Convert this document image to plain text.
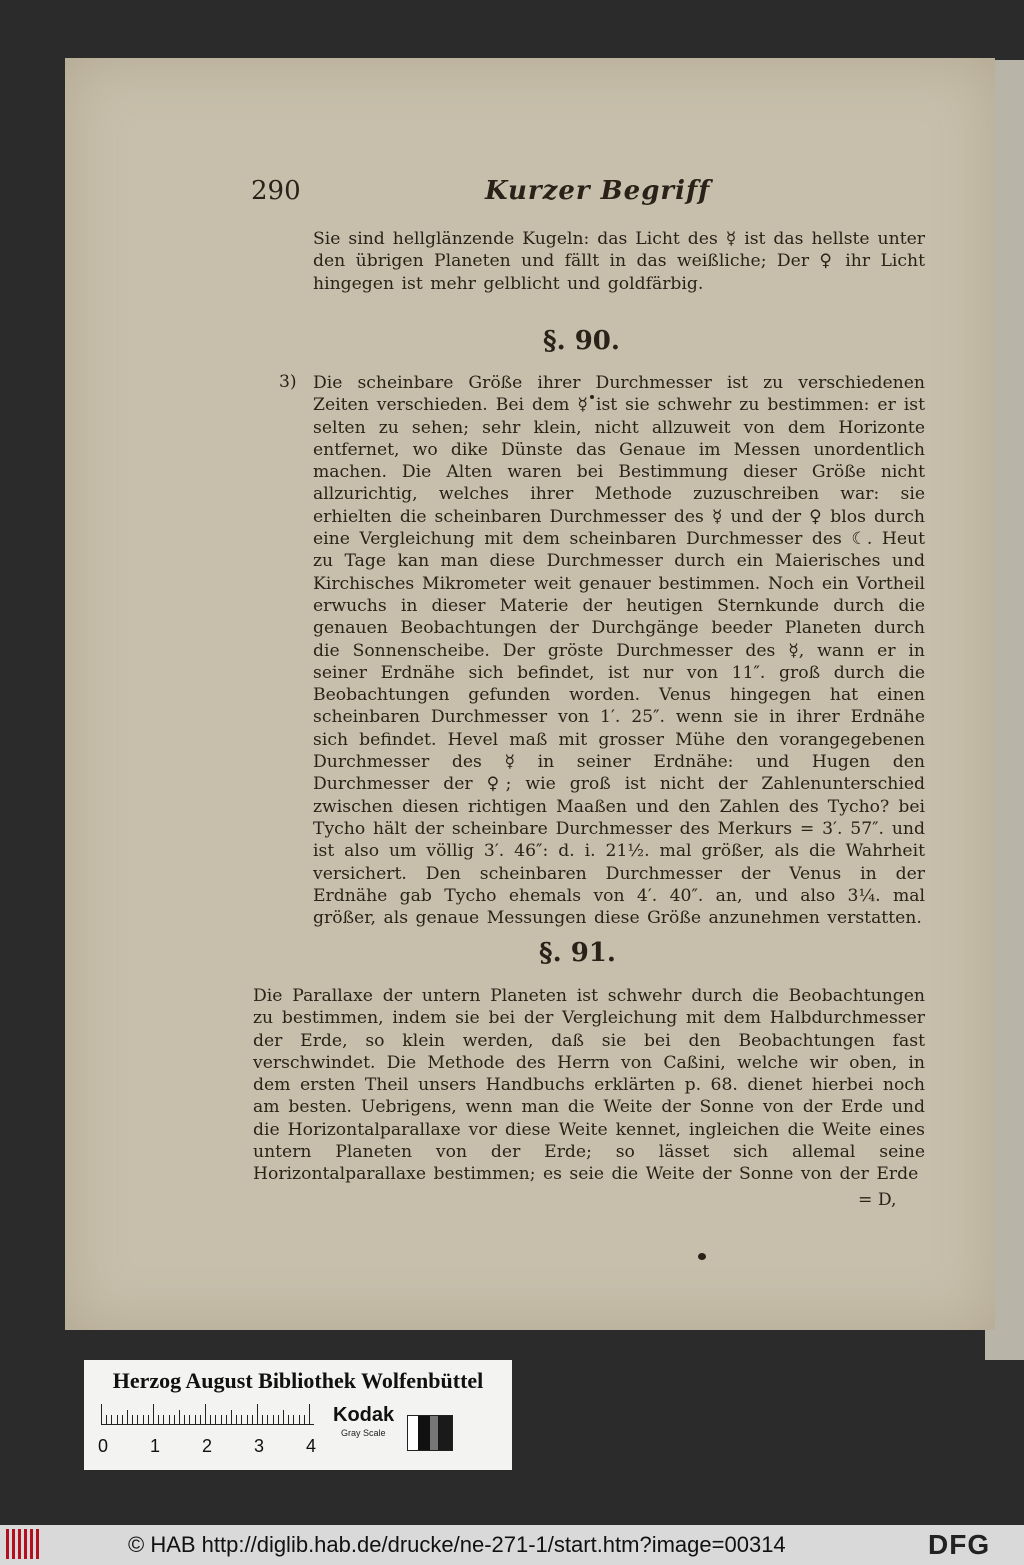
290	Kurzer Begriff
Sie sind hellglänzende Kugeln: das Licht des ☿ ist das hellste unter den übrigen Planeten und fällt in das weißliche; Der ♀ ihr Licht hingegen ist mehr gelblicht und goldfärbig.
§. 90.
3) Die scheinbare Größe ihrer Durchmesser ist zu verschiedenen Zeiten verschieden. Bei dem ☿ ist sie schwehr zu bestimmen: er ist selten zu sehen; sehr klein, nicht allzuweit von dem Horizonte entfernet, wo dike Dünste das Genaue im Messen unordentlich machen. Die Alten waren bei Bestimmung dieser Größe nicht allzurichtig, welches ihrer Methode zuzuschreiben war: sie erhielten die scheinbaren Durchmesser des ☿ und der ♀ blos durch eine Vergleichung mit dem scheinbaren Durchmesser des ☾. Heut zu Tage kan man diese Durchmesser durch ein Maierisches und Kirchisches Mikrometer weit genauer bestimmen. Noch ein Vortheil erwuchs in dieser Materie der heutigen Sternkunde durch die genauen Beobachtungen der Durchgänge beeder Planeten durch die Sonnenscheibe. Der gröste Durchmesser des ☿, wann er in seiner Erdnähe sich befindet, ist nur von 11″. groß durch die Beobachtungen gefunden worden. Venus hingegen hat einen scheinbaren Durchmesser von 1′. 25″. wenn sie in ihrer Erdnähe sich befindet. Hevel maß mit grosser Mühe den vorangegebenen Durchmesser des ☿ in seiner Erdnähe: und Hugen den Durchmesser der ♀; wie groß ist nicht der Zahlenunterschied zwischen diesen richtigen Maaßen und den Zahlen des Tycho? bei Tycho hält der scheinbare Durchmesser des Merkurs = 3′. 57″. und ist also um völlig 3′. 46″: d. i. 21½. mal größer, als die Wahrheit versichert. Den scheinbaren Durchmesser der Venus in der Erdnähe gab Tycho ehemals von 4′. 40″. an, und also 3¼. mal größer, als genaue Messungen diese Größe anzunehmen verstatten.
§. 91.
Die Parallaxe der untern Planeten ist schwehr durch die Beobachtungen zu bestimmen, indem sie bei der Vergleichung mit dem Halbdurchmesser der Erde, so klein werden, daß sie bei den Beobachtungen fast verschwindet. Die Methode des Herrn von Caßini, welche wir oben, in dem ersten Theil unsers Handbuchs erklärten p. 68. dienet hierbei noch am besten. Uebrigens, wenn man die Weite der Sonne von der Erde und die Horizontalparallaxe vor diese Weite kennet, ingleichen die Weite eines untern Planeten von der Erde; so lässet sich allemal seine Horizontalparallaxe bestimmen; es seie die Weite der Sonne von der Erde
= D,
Herzog August Bibliothek Wolfenbüttel
0 1 2 3 4
Kodak
Gray Scale
© HAB http://diglib.hab.de/drucke/ne-271-1/start.htm?image=00314	DFG
